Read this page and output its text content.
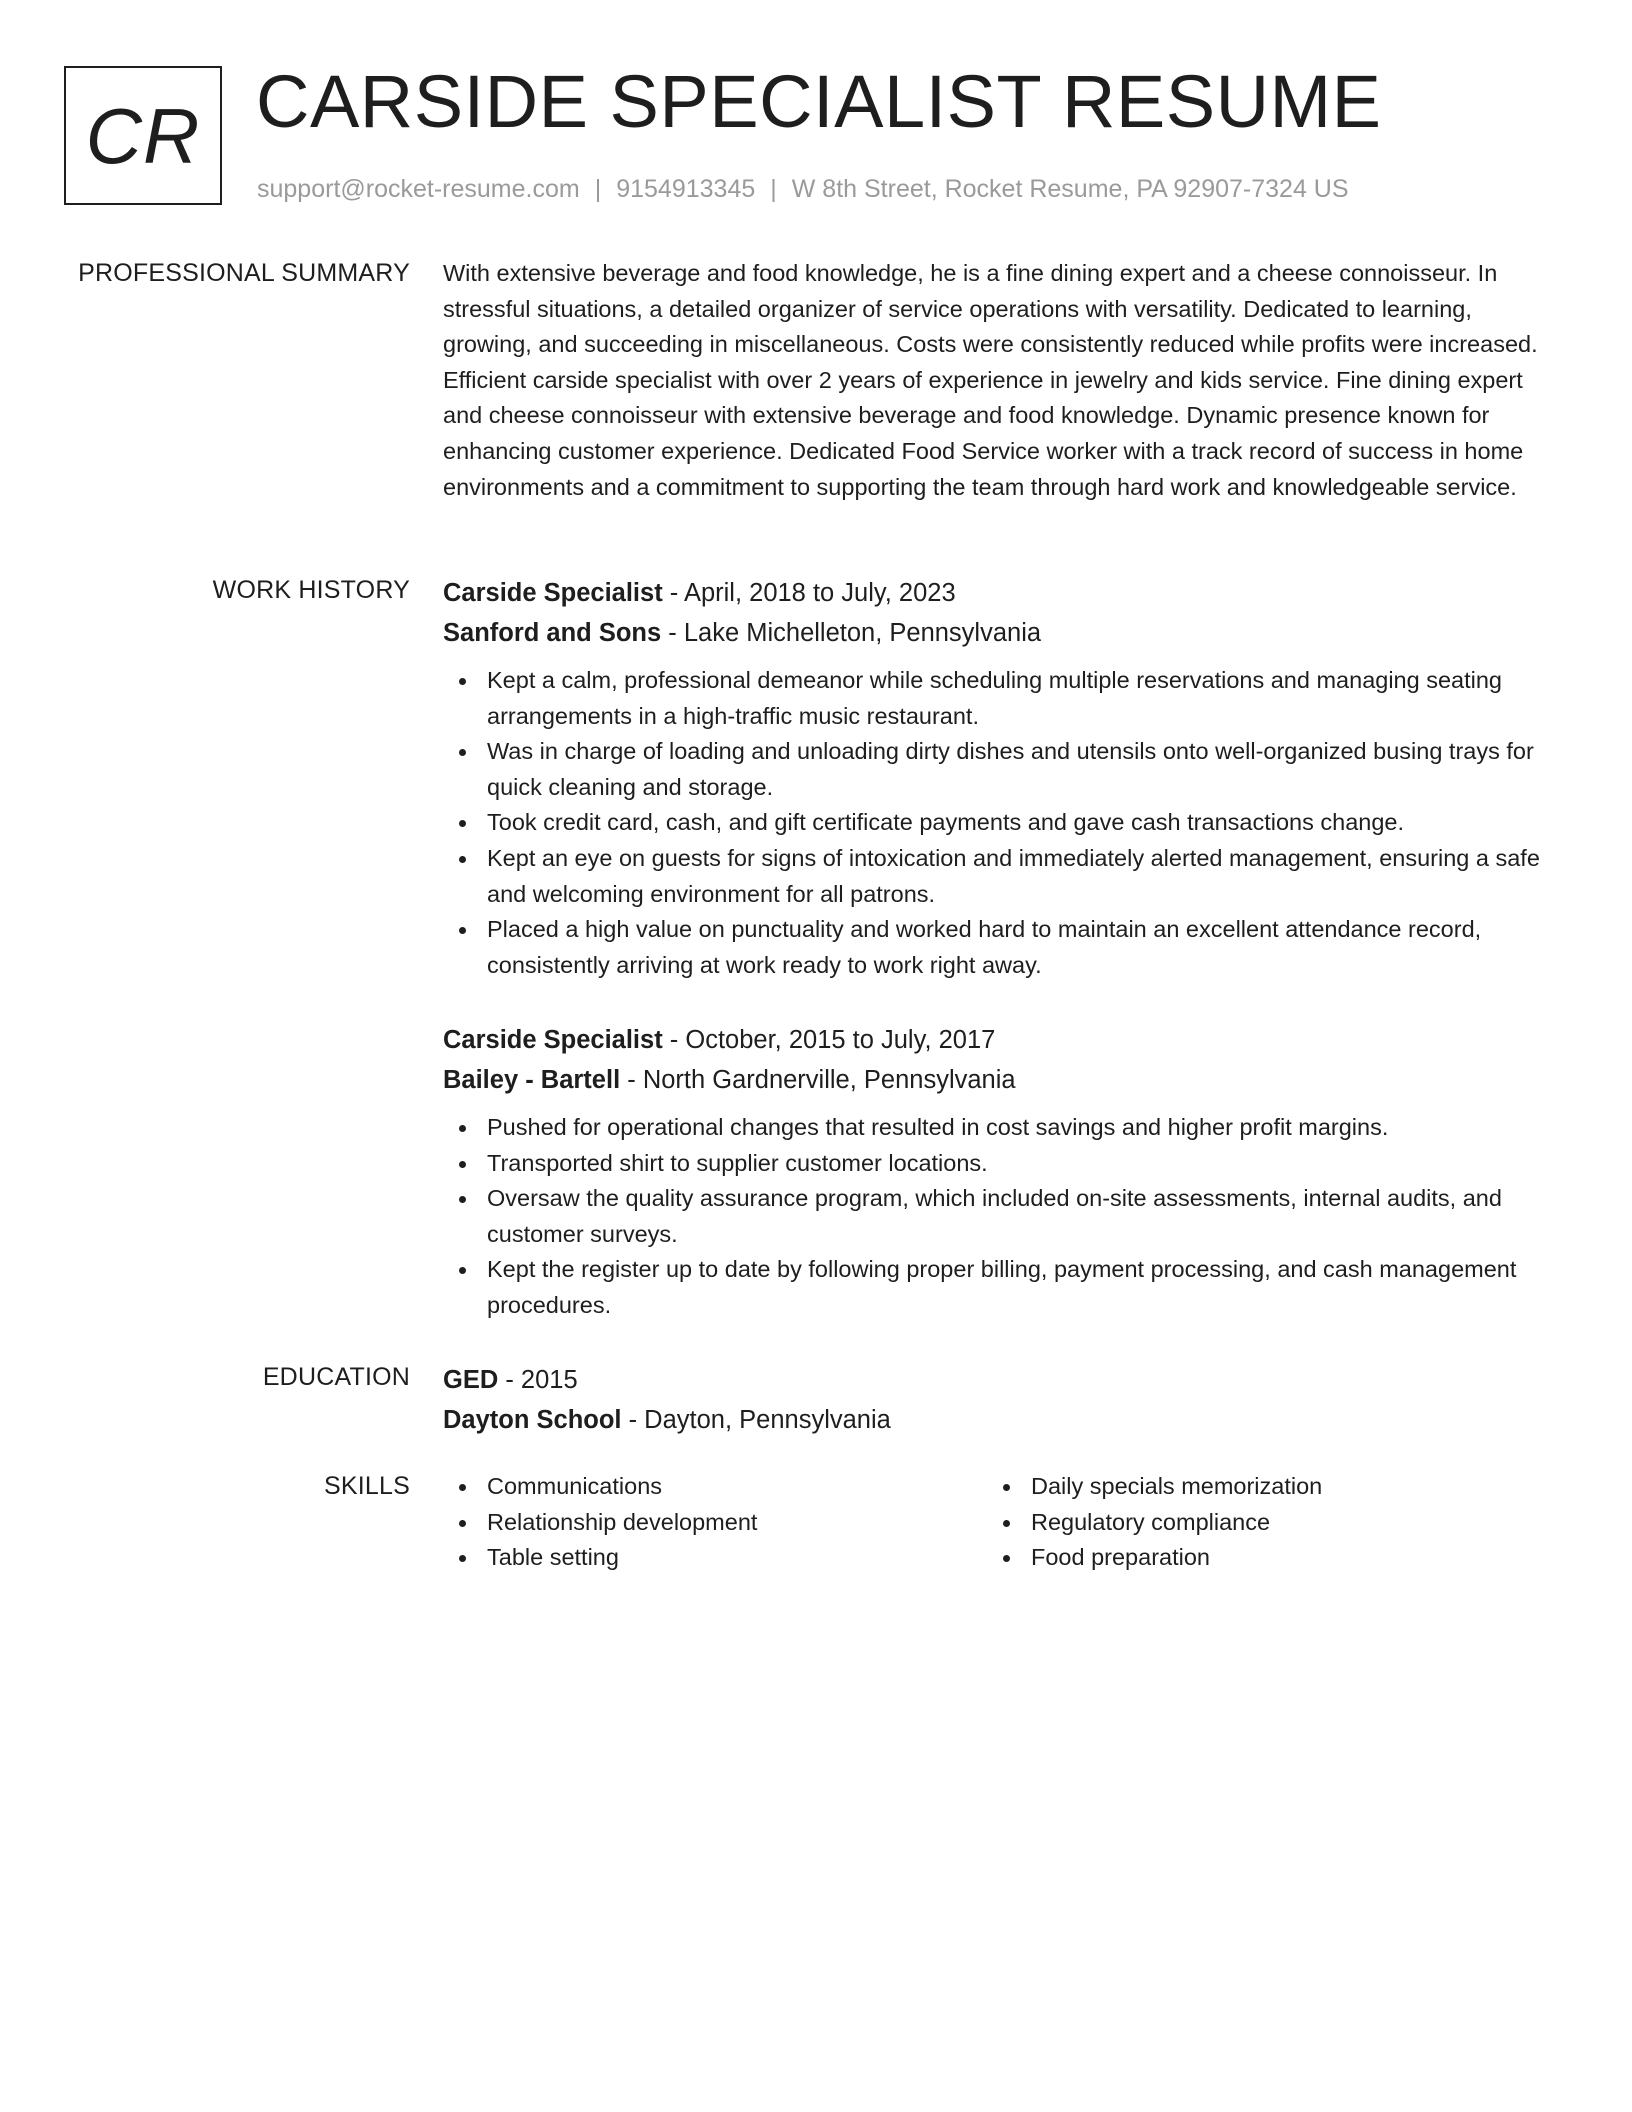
CR CARSIDE SPECIALIST RESUME
support@rocket-resume.com | 9154913345 | W 8th Street, Rocket Resume, PA 92907-7324 US
PROFESSIONAL SUMMARY With extensive beverage and food knowledge, he is a fine dining expert and a cheese connoisseur. In stressful situations, a detailed organizer of service operations with versatility. Dedicated to learning, growing, and succeeding in miscellaneous. Costs were consistently reduced while profits were increased. Efficient carside specialist with over 2 years of experience in jewelry and kids service. Fine dining expert and cheese connoisseur with extensive beverage and food knowledge. Dynamic presence known for enhancing customer experience. Dedicated Food Service worker with a track record of success in home environments and a commitment to supporting the team through hard work and knowledgeable service.

WORK HISTORY Carside Specialist - April, 2018 to July, 2023
Sanford and Sons - Lake Michelleton, Pennsylvania
Kept a calm, professional demeanor while scheduling multiple reservations and managing seating arrangements in a high-traffic music restaurant.
Was in charge of loading and unloading dirty dishes and utensils onto well-organized busing trays for quick cleaning and storage.
Took credit card, cash, and gift certificate payments and gave cash transactions change.
Kept an eye on guests for signs of intoxication and immediately alerted management, ensuring a safe and welcoming environment for all patrons.
Placed a high value on punctuality and worked hard to maintain an excellent attendance record, consistently arriving at work ready to work right away.
Carside Specialist - October, 2015 to July, 2017
Bailey - Bartell - North Gardnerville, Pennsylvania
Pushed for operational changes that resulted in cost savings and higher profit margins.
Transported shirt to supplier customer locations.
Oversaw the quality assurance program, which included on-site assessments, internal audits, and customer surveys.
Kept the register up to date by following proper billing, payment processing, and cash management procedures.
EDUCATION GED - 2015
Dayton School - Dayton, Pennsylvania
SKILLS	Communications
Relationship development
Table setting
Daily specials memorization
Regulatory compliance
Food preparation
